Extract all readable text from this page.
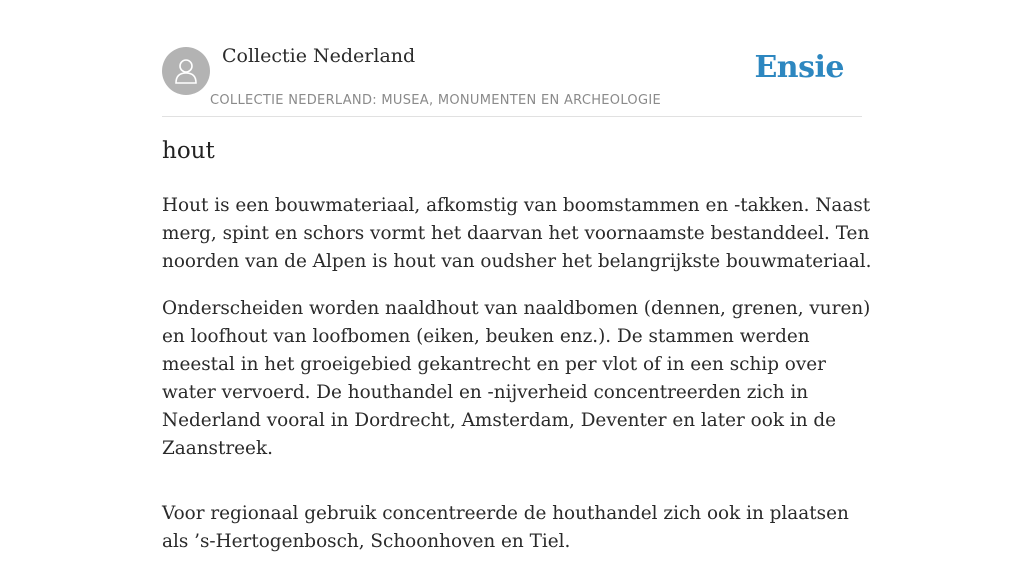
Collectie Nederland
COLLECTIE NEDERLAND: MUSEA, MONUMENTEN EN ARCHEOLOGIE
Ensie
hout

Hout is een bouwmateriaal, afkomstig van boomstammen en -takken. Naast merg, spint en schors vormt het daarvan het voornaamste bestanddeel. Ten noorden van de Alpen is hout van oudsher het belangrijkste bouwmateriaal.

Onderscheiden worden naaldhout van naaldbomen (dennen, grenen, vuren) en loofhout van loofbomen (eiken, beuken enz.). De stammen werden meestal in het groeigebied gekantrecht en per vlot of in een schip over water vervoerd. De houthandel en -nijverheid concentreerden zich in Nederland vooral in Dordrecht, Amsterdam, Deventer en later ook in de Zaanstreek.

Voor regionaal gebruik concentreerde de houthandel zich ook in plaatsen als ’s-Hertogenbosch, Schoonhoven en Tiel.
